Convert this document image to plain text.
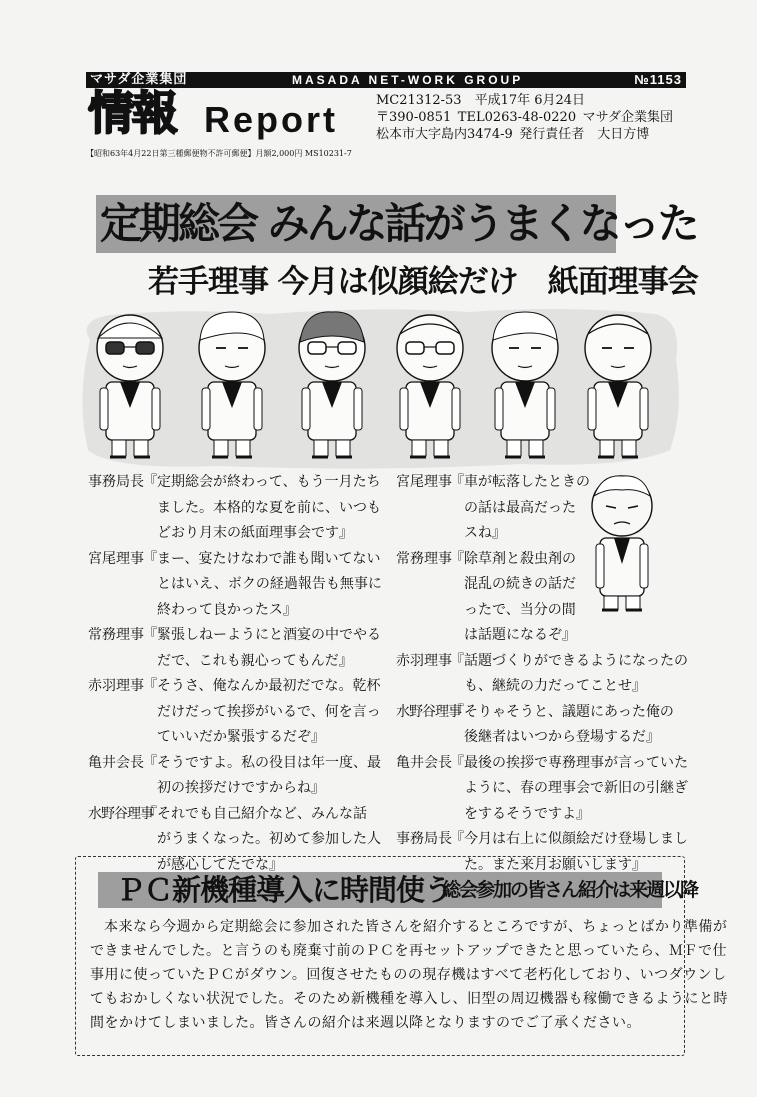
マサダ企業集団	MASADA NET-WORK GROUP	№1153
情報 Report	MC21312-53  平成17年 6月24日
〒390-0851  TEL0263-48-0220  マサダ企業集団
松本市大字島内3474-9  発行責任者　大日方博
【昭和63年4月22日第三種郵便物不許可郵便】月額2,000円 MS10231-7
定期総会 みんな話がうまくなった
若手理事 今月は似顔絵だけ　紙面理事会
事務局長 『定期総会が終わって、もう一月たち
ました。本格的な夏を前に、いつも
どおり月末の紙面理事会です』
宮尾理事 『まー、宴たけなわで誰も聞いてない
とはいえ、ボクの経過報告も無事に
終わって良かったス』
常務理事 『緊張しねーようにと酒宴の中でやる
だで、これも親心ってもんだ』
赤羽理事 『そうさ、俺なんか最初だでな。乾杯
だけだって挨拶がいるで、何を言っ
ていいだか緊張するだぞ』
亀井会長 『そうですよ。私の役目は年一度、最
初の挨拶だけですからね』
水野谷理事
『それでも自己紹介など、みんな話
がうまくなった。初めて参加した人
が感心してたでな』
宮尾理事
『車が転落したときの
の話は最高だった
スね』
常務理事
『除草剤と殺虫剤の
混乱の続きの話だ
ったで、当分の間
は話題になるぞ』
赤羽理事
『話題づくりができるようになったの
も、継続の力だってことせ』
水野谷理事
『そりゃそうと、議題にあった俺の
後継者はいつから登場するだ』
亀井会長
『最後の挨拶で専務理事が言っていた
ように、春の理事会で新旧の引継ぎ
をするそうですよ』
事務局長
『今月は右上に似顔絵だけ登場しまし
た。また来月お願いします』
ＰＣ新機種導入に時間使う
総会参加の皆さん紹介は来週以降
本来なら今週から定期総会に参加された皆さんを紹介するところですが、ちょっとばかり準備が
できませんでした。と言うのも廃棄寸前のＰＣを再セットアップできたと思っていたら、ＭＦで仕
事用に使っていたＰＣがダウン。回復させたものの現存機はすべて老朽化しており、いつダウンし
てもおかしくない状況でした。そのため新機種を導入し、旧型の周辺機器も稼働できるようにと時
間をかけてしまいました。皆さんの紹介は来週以降となりますのでご了承ください。
